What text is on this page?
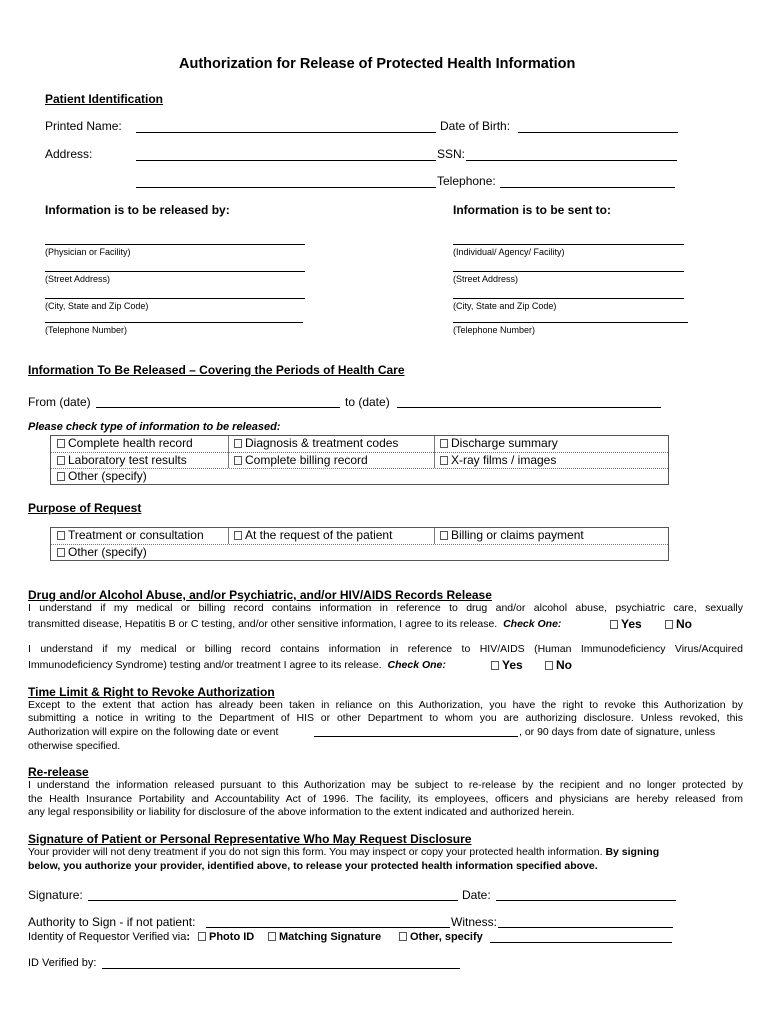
Authorization for Release of Protected Health Information
Patient Identification
Printed Name:	Date of Birth:
Address:	SSN:
Telephone:
Information is to be released by:	Information is to be sent to:
(Physician or Facility)
(Street Address)
(City, State and Zip Code)
(Telephone Number)
(Individual/ Agency/ Facility)
(Street Address)
(City, State and Zip Code)
(Telephone Number)
Information To Be Released – Covering the Periods of Health Care
From (date)	to (date)
Please check type of information to be released:
Complete health record	Diagnosis & treatment codes	Discharge summary
Laboratory test results	Complete billing record	X-ray films / images
Other (specify)
Purpose of Request
Treatment or consultation	At the request of the patient	Billing or claims payment
Other (specify)
Drug and/or Alcohol Abuse, and/or Psychiatric, and/or HIV/AIDS Records Release
I understand if my medical or billing record contains information in reference to drug and/or alcohol abuse, psychiatric care, sexually
transmitted disease, Hepatitis B or C testing, and/or other sensitive information, I agree to its release. Check One:	Yes	No
I understand if my medical or billing record contains information in reference to HIV/AIDS (Human Immunodeficiency Virus/Acquired
Immunodeficiency Syndrome) testing and/or treatment I agree to its release. Check One:	Yes	No
Time Limit & Right to Revoke Authorization
Except to the extent that action has already been taken in reliance on this Authorization, you have the right to revoke this Authorization by
submitting a notice in writing to the Department of HIS or other Department to whom you are authorizing disclosure. Unless revoked, this
Authorization will expire on the following date or event	, or 90 days from date of signature, unless
otherwise specified.
Re-release
I understand the information released pursuant to this Authorization may be subject to re-release by the recipient and no longer protected by
the Health Insurance Portability and Accountability Act of 1996. The facility, its employees, officers and physicians are hereby released from
any legal responsibility or liability for disclosure of the above information to the extent indicated and authorized herein.
Signature of Patient or Personal Representative Who May Request Disclosure
Your provider will not deny treatment if you do not sign this form. You may inspect or copy your protected health information. By signing
below, you authorize your provider, identified above, to release your protected health information specified above.
Signature:	Date:
Authority to Sign - if not patient:	Witness:
Identity of Requestor Verified via:	Photo ID	Matching Signature	Other, specify
ID Verified by:
